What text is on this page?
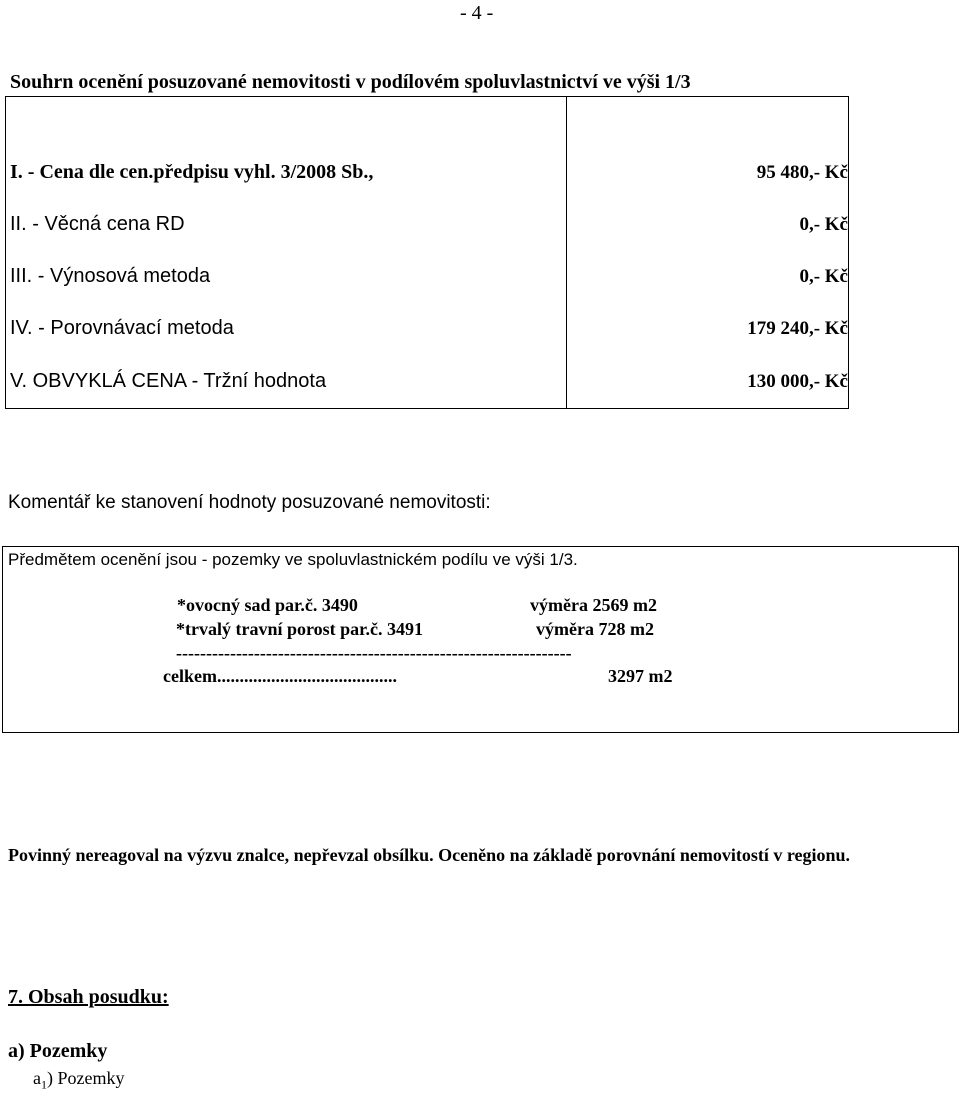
- 4 -
Souhrn ocenění posuzované nemovitosti v podílovém spoluvlastnictví ve výši 1/3
I. - Cena dle cen.předpisu vyhl. 3/2008 Sb.,	95 480,- Kč
II. - Věcná cena RD	0,- Kč
III. - Výnosová metoda	0,- Kč
IV. - Porovnávací metoda	179 240,- Kč
V. OBVYKLÁ CENA - Tržní hodnota	130 000,- Kč
Komentář ke stanovení hodnoty posuzované nemovitosti:
Předmětem ocenění jsou - pozemky ve spoluvlastnickém podílu ve výši 1/3.
*ovocný sad par.č. 3490	výměra 2569 m2
*trvalý travní porost par.č. 3491	výměra 728 m2
------------------------------------------------------------------
celkem........................................	3297 m2
Povinný nereagoval na výzvu znalce, nepřevzal obsílku. Oceněno na základě porovnání nemovitostí v regionu.
7. Obsah posudku:
a) Pozemky
$a_1$) Pozemky
